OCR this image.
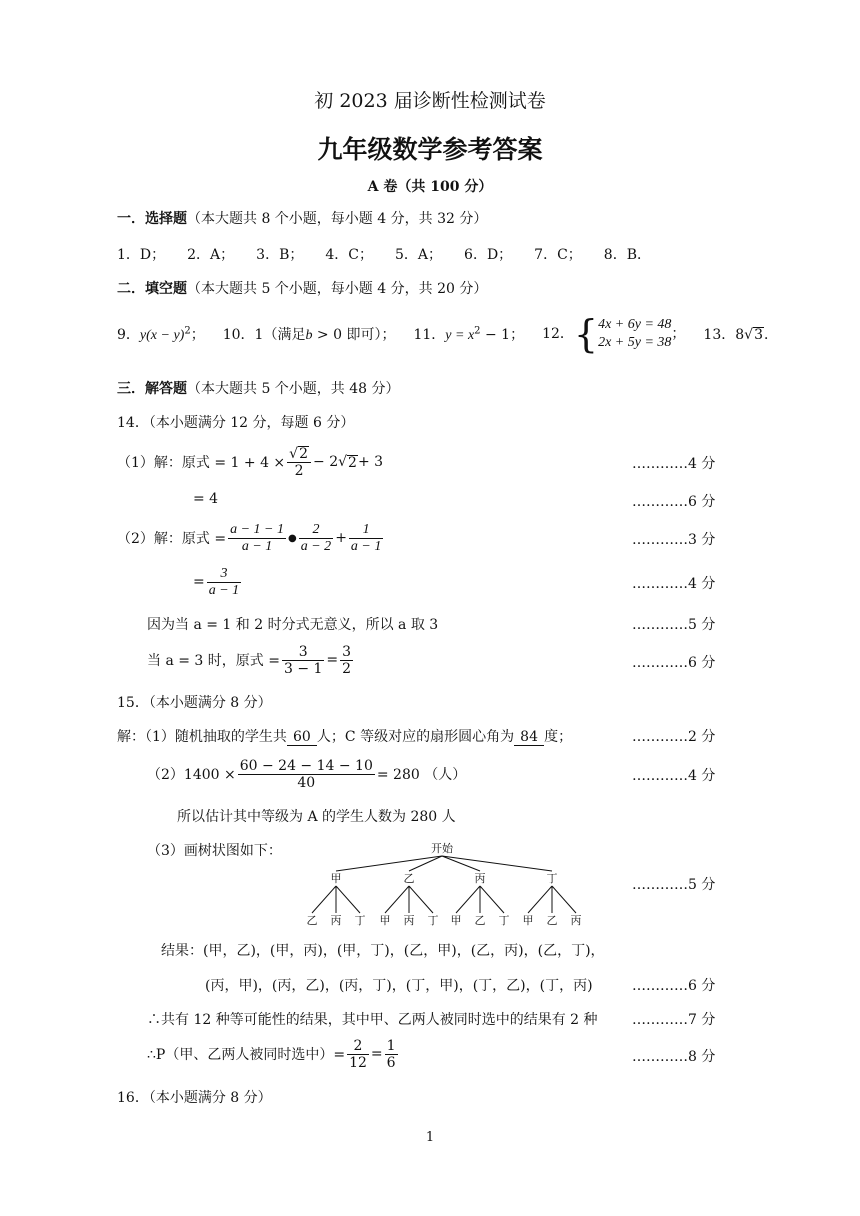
初 2023 届诊断性检测试卷
九年级数学参考答案
A 卷（共 100 分）
一．选择题（本大题共 8 个小题，每小题 4 分，共 32 分）
1．D； 2．A； 3．B； 4．C； 5．A； 6．D； 7．C； 8．B．
二．填空题（本大题共 5 个小题，每小题 4 分，共 20 分）
9．$y(x - y)^2$； 10．1（满足b > 0 即可）； 11．$y = x^2 - 1$； 12．{ 4x + 6y = 48
2x + 5y = 38
； 13．8√3．
三．解答题（本大题共 5 个小题，共 48 分）
14．（本小题满分 12 分，每题 6 分）
（1）解：原式 = $1 + 4 \times \frac{√2}{2} - 2$ √ 2 + 3	…………4 分
= 4	…………6 分
（2）解：原式 = $\frac{a - 1 - 1}{a - 1}$ ● $\frac{2}{a - 2} + \frac{1}{a - 1}$	…………3 分
= $\frac{3}{a - 1}$	…………4 分
因为当 a = 1 和 2 时分式无意义，所以 a 取 3	…………5 分
当 a = 3 时，原式 = $\frac{3}{3 - 1} = \frac{3}{2}$	…………6 分
15．（本小题满分 8 分）
解：（1）随机抽取的学生共 60 人；C 等级对应的扇形圆心角为 84 度；	…………2 分
$(2)1400 \times \frac{60 - 24 - 14 - 10}{40} = 280$ （人）	…………4 分
所以估计其中等级为 A 的学生人数为 280 人
（3）画树状图如下：	开始
甲
乙 丙 丁
乙
甲 丙 丁
丙
甲 乙 丁
丁
甲 乙 丙
…………5 分
结果：(甲，乙)，(甲，丙)，(甲，丁)，(乙，甲)，(乙，丙)，(乙，丁)，
(丙，甲)，(丙，乙)，(丙，丁)，(丁，甲)，(丁，乙)，(丁，丙)	…………6 分
∴共有 12 种等可能性的结果，其中甲、乙两人被同时选中的结果有 2 种 …………7 分
∴P（甲、乙两人被同时选中）= $\frac{2}{12} = \frac{1}{6}$	…………8 分
16．（本小题满分 8 分）
1
